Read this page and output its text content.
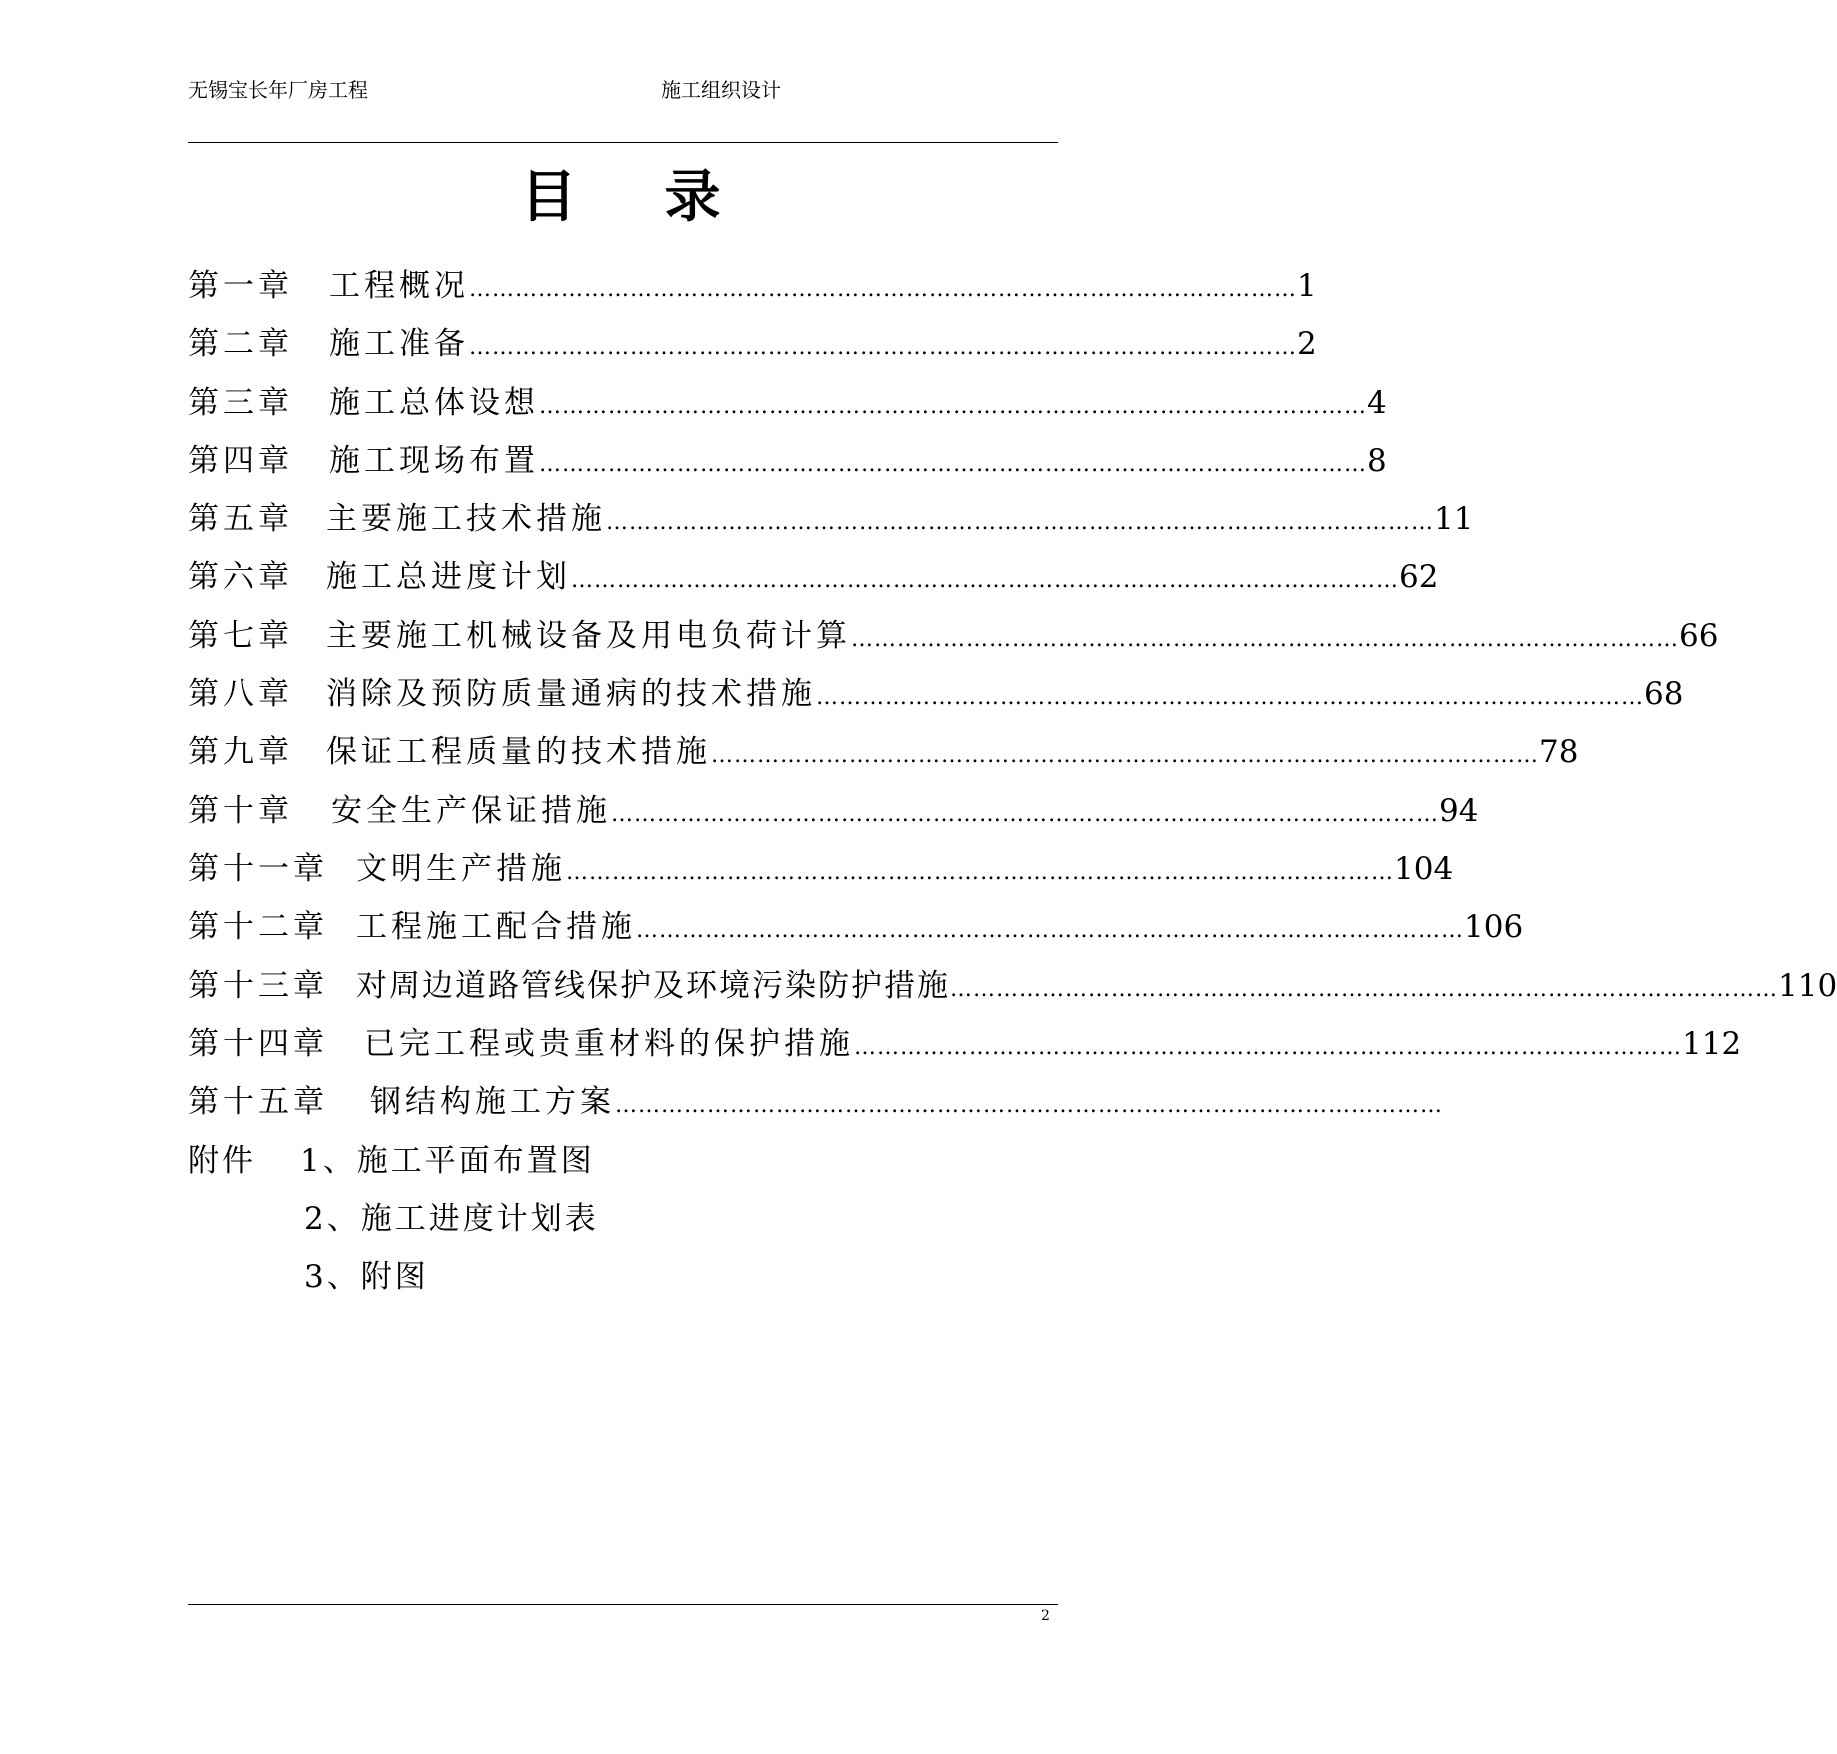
无锡宝长年厂房工程	施工组织设计
目录
第一章 工程概况 ……………………………………………………………………………………………… 1
第二章 施工准备 ……………………………………………………………………………………………… 2
第三章 施工总体设想 ……………………………………………………………………………………………… 4
第四章 施工现场布置 ……………………………………………………………………………………………… 8
第五章 主要施工技术措施 ……………………………………………………………………………………………… 11
第六章 施工总进度计划 ……………………………………………………………………………………………… 62
第七章 主要施工机械设备及用电负荷计算 ……………………………………………………………………………………………… 66
第八章 消除及预防质量通病的技术措施 ……………………………………………………………………………………………… 68
第九章 保证工程质量的技术措施 ……………………………………………………………………………………………… 78
第十章 安全生产保证措施 ……………………………………………………………………………………………… 94
第十一章 文明生产措施 ……………………………………………………………………………………………… 104
第十二章 工程施工配合措施 ……………………………………………………………………………………………… 106
第十三章 对周边道路管线保护及环境污染防护措施 ……………………………………………………………………………………………… 110
第十四章 已完工程或贵重材料的保护措施 ……………………………………………………………………………………………… 112
第十五章 钢结构施工方案 ………………………………………………………………………………………………
附件 1、施工平面布置图
2、施工进度计划表
3、附图
2
